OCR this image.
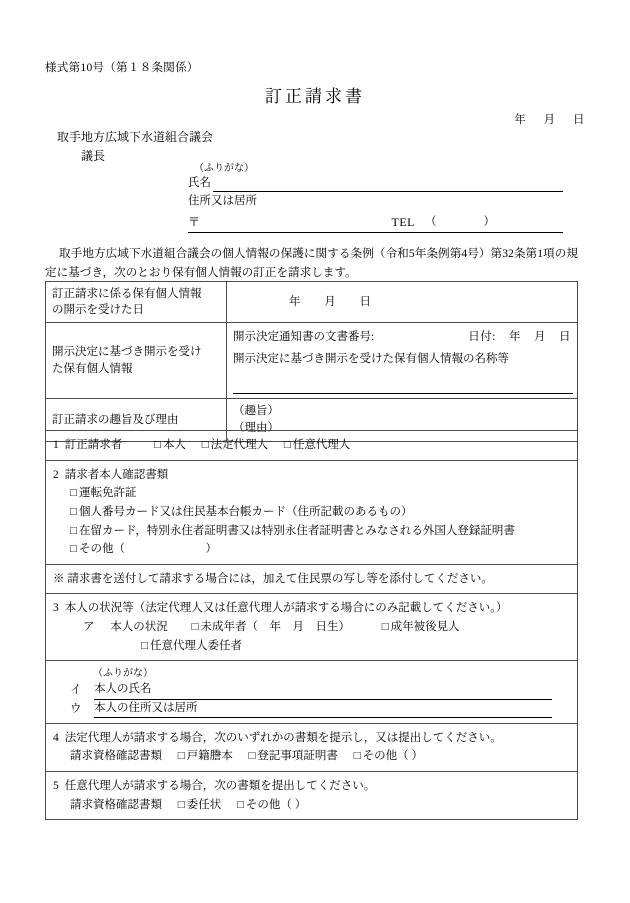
様式第10号（第１８条関係）
訂正請求書
年 月 日
取手地方広域下水道組合議会
議長
（ふりがな）
氏名
住所又は居所
〒	TEL （　　）
取手地方広域下水道組合議会の個人情報の保護に関する条例（令和5年条例第4号）第32条第1項の規定に基づき，次のとおり保有個人情報の訂正を請求します。
訂正請求に係る保有個人情報
の開示を受けた日	年 月 日

開示決定に基づき開示を受け
た保有個人情報

開示決定通知書の文書番号:	日付: 年 月 日
開示決定に基づき開示を受けた保有個人情報の名称等

訂正請求の趣旨及び理由	（趣旨）
（理由）
1 訂正請求者	□ 本人 □ 法定代理人 □ 任意代理人

2 請求者本人確認書類
□ 運転免許証
□ 個人番号カード又は住民基本台帳カード（住所記載のあるもの）
□ 在留カード，特別永住者証明書又は特別永住者証明書とみなされる外国人登録証明書
□ その他（　　　　　　　）

※ 請求書を送付して請求する場合には，加えて住民票の写し等を添付してください。

3 本人の状況等（法定代理人又は任意代理人が請求する場合にのみ記載してください。）
ア 本人の状況 □ 未成年者（　年　月　日生）	□ 成年被後見人
□ 任意代理人委任者

（ふりがな）
イ	本人の氏名
ウ	本人の住所又は居所

4 法定代理人が請求する場合，次のいずれかの書類を提示し，又は提出してください。
請求資格確認書類 □ 戸籍謄本 □ 登記事項証明書 □ その他（ ）

5 任意代理人が請求する場合，次の書類を提出してください。
請求資格確認書類 □ 委任状 □ その他（ ）
